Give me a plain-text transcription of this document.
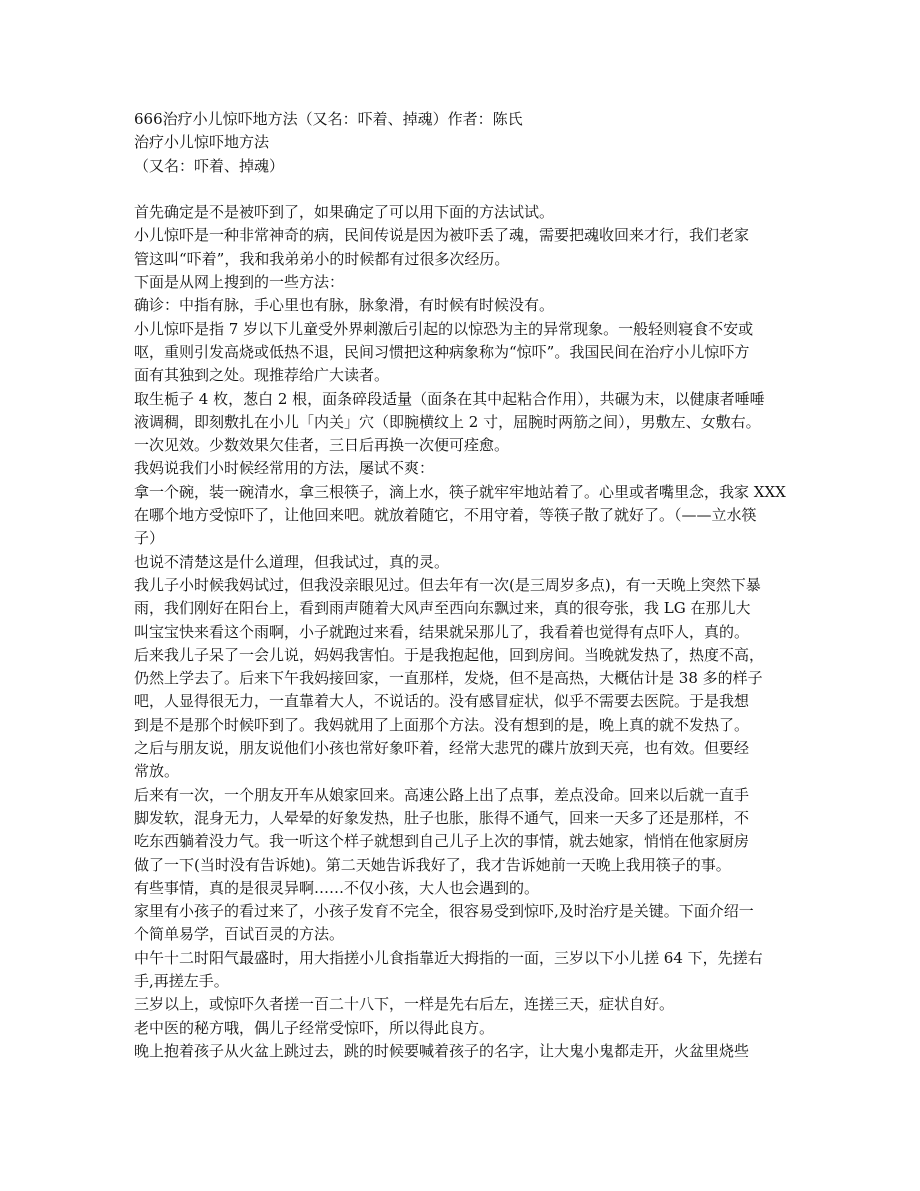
666治疗小儿惊吓地方法（又名：吓着、掉魂）作者：陈氏

治疗小儿惊吓地方法

（又名：吓着、掉魂）

首先确定是不是被吓到了，如果确定了可以用下面的方法试试。

小儿惊吓是一种非常神奇的病，民间传说是因为被吓丢了魂，需要把魂收回来才行，我们老家

管这叫“吓着”，我和我弟弟小的时候都有过很多次经历。

下面是从网上搜到的一些方法：

确诊：中指有脉，手心里也有脉，脉象滑，有时候有时候没有。

小儿惊吓是指 7 岁以下儿童受外界刺激后引起的以惊恐为主的异常现象。一般轻则寝食不安或

呕，重则引发高烧或低热不退，民间习惯把这种病象称为“惊吓”。我国民间在治疗小儿惊吓方

面有其独到之处。现推荐给广大读者。

取生栀子 4 枚，葱白 2 根，面条碎段适量（面条在其中起粘合作用），共碾为末，以健康者唾唾

液调稠，即刻敷扎在小儿「内关」穴（即腕横纹上 2 寸，屈腕时两筋之间），男敷左、女敷右。

一次见效。少数效果欠佳者，三日后再换一次便可痊愈。

我妈说我们小时候经常用的方法，屡试不爽：

拿一个碗，装一碗清水，拿三根筷子，滴上水，筷子就牢牢地站着了。心里或者嘴里念，我家 XXX

在哪个地方受惊吓了，让他回来吧。就放着随它，不用守着，等筷子散了就好了。（——立水筷

子）

也说不清楚这是什么道理，但我试过，真的灵。

我儿子小时候我妈试过，但我没亲眼见过。但去年有一次(是三周岁多点)，有一天晚上突然下暴

雨，我们刚好在阳台上，看到雨声随着大风声至西向东飘过来，真的很夸张，我 LG 在那儿大

叫宝宝快来看这个雨啊，小子就跑过来看，结果就呆那儿了，我看着也觉得有点吓人，真的。

后来我儿子呆了一会儿说，妈妈我害怕。于是我抱起他，回到房间。当晚就发热了，热度不高，

仍然上学去了。后来下午我妈接回家，一直那样，发烧，但不是高热，大概估计是 38 多的样子

吧，人显得很无力，一直靠着大人，不说话的。没有感冒症状，似乎不需要去医院。于是我想

到是不是那个时候吓到了。我妈就用了上面那个方法。没有想到的是，晚上真的就不发热了。

之后与朋友说，朋友说他们小孩也常好象吓着，经常大悲咒的碟片放到天亮，也有效。但要经

常放。

后来有一次，一个朋友开车从娘家回来。高速公路上出了点事，差点没命。回来以后就一直手

脚发软，混身无力，人晕晕的好象发热，肚子也胀，胀得不通气，回来一天多了还是那样，不

吃东西躺着没力气。我一听这个样子就想到自己儿子上次的事情，就去她家，悄悄在他家厨房

做了一下(当时没有告诉她)。第二天她告诉我好了，我才告诉她前一天晚上我用筷子的事。

有些事情，真的是很灵异啊……不仅小孩，大人也会遇到的。

家里有小孩子的看过来了，小孩子发育不完全，很容易受到惊吓,及时治疗是关键。下面介绍一

个简单易学，百试百灵的方法。

中午十二时阳气最盛时，用大指搓小儿食指靠近大拇指的一面，三岁以下小儿搓 64 下，先搓右

手,再搓左手。

三岁以上，或惊吓久者搓一百二十八下，一样是先右后左，连搓三天，症状自好。

老中医的秘方哦，偶儿子经常受惊吓，所以得此良方。

晚上抱着孩子从火盆上跳过去，跳的时候要喊着孩子的名字，让大鬼小鬼都走开，火盆里烧些
